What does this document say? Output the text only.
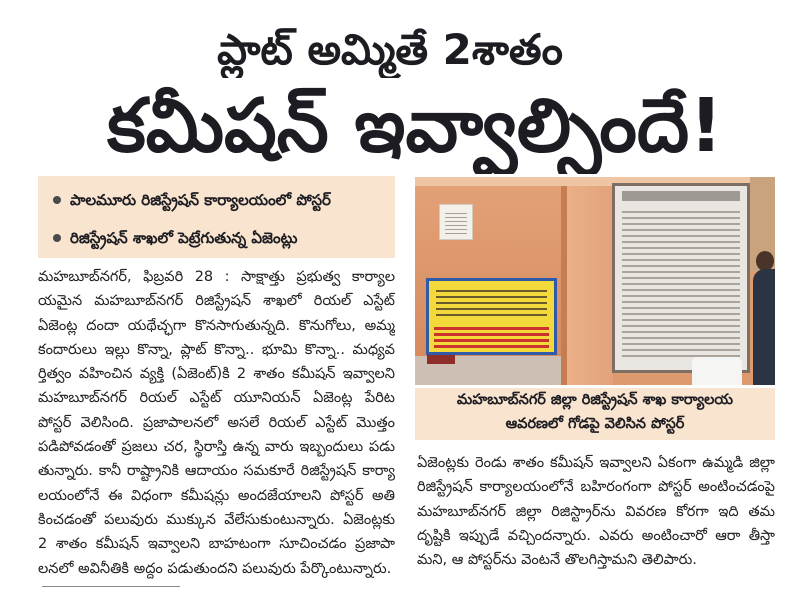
ప్లాట్ అమ్మితే 2శాతం
కమీషన్ ఇవ్వాల్సిందే!
పాలమూరు రిజిస్ట్రేషన్ కార్యాలయంలో పోస్టర్
రిజిస్ట్రేషన్ శాఖలో పెట్రేగుతున్న ఏజెంట్లు
మహబూబ్‌నగర్, ఫిబ్రవరి 28 : సాక్షాత్తు ప్రభుత్వ కార్యాల
యమైన మహబూబ్‌నగర్ రిజిస్ట్రేషన్ శాఖలో రియల్ ఎస్టేట్
ఏజెంట్ల దందా యథేచ్ఛగా కొనసాగుతున్నది. కొనుగోలు, అమ్మ
కందారులు ఇల్లు కొన్నా, ప్లాట్ కొన్నా.. భూమి కొన్నా.. మధ్యవ
ర్తిత్వం వహించిన వ్యక్తి (ఏజెంట్)కి 2 శాతం కమీషన్ ఇవ్వాలని
మహబూబ్‌నగర్ రియల్ ఎస్టేట్ యూనియన్ ఏజెంట్ల పేరిట
పోస్టర్ వెలిసింది. ప్రజాపాలనలో అసలే రియల్ ఎస్టేట్ మొత్తం
పడిపోవడంతో ప్రజలు చర, స్థిరాస్తి ఉన్న వారు ఇబ్బందులు పడు
తున్నారు. కానీ రాష్ట్రానికి ఆదాయం సమకూరే రిజిస్ట్రేషన్ కార్యా
లయంలోనే ఈ విధంగా కమీషన్లు అందజేయాలని పోస్టర్ అతి
కించడంతో పలువురు ముక్కున వేలేసుకుంటున్నారు. ఏజెంట్లకు
2 శాతం కమీషన్ ఇవ్వాలని బాహటంగా సూచించడం ప్రజాపా
లనలో అవినీతికి అద్దం పడుతుందని పలువురు పేర్కొంటున్నారు.
మహబూబ్‌నగర్ జిల్లా రిజిస్ట్రేషన్ శాఖ కార్యాలయ
ఆవరణలో గోడపై వెలిసిన పోస్టర్
ఏజెంట్లకు రెండు శాతం కమీషన్ ఇవ్వాలని ఏకంగా ఉమ్మడి జిల్లా
రిజిస్ట్రేషన్ కార్యాలయంలోనే బహిరంగంగా పోస్టర్ అంటించడంపై
మహబూబ్‌నగర్ జిల్లా రిజిస్ట్రార్‌ను వివరణ కోరగా ఇది తమ
దృష్టికి ఇప్పుడే వచ్చిందన్నారు. ఎవరు అంటించారో ఆరా తీస్తా
మని, ఆ పోస్టర్‌ను వెంటనే తొలగిస్తామని తెలిపారు.
